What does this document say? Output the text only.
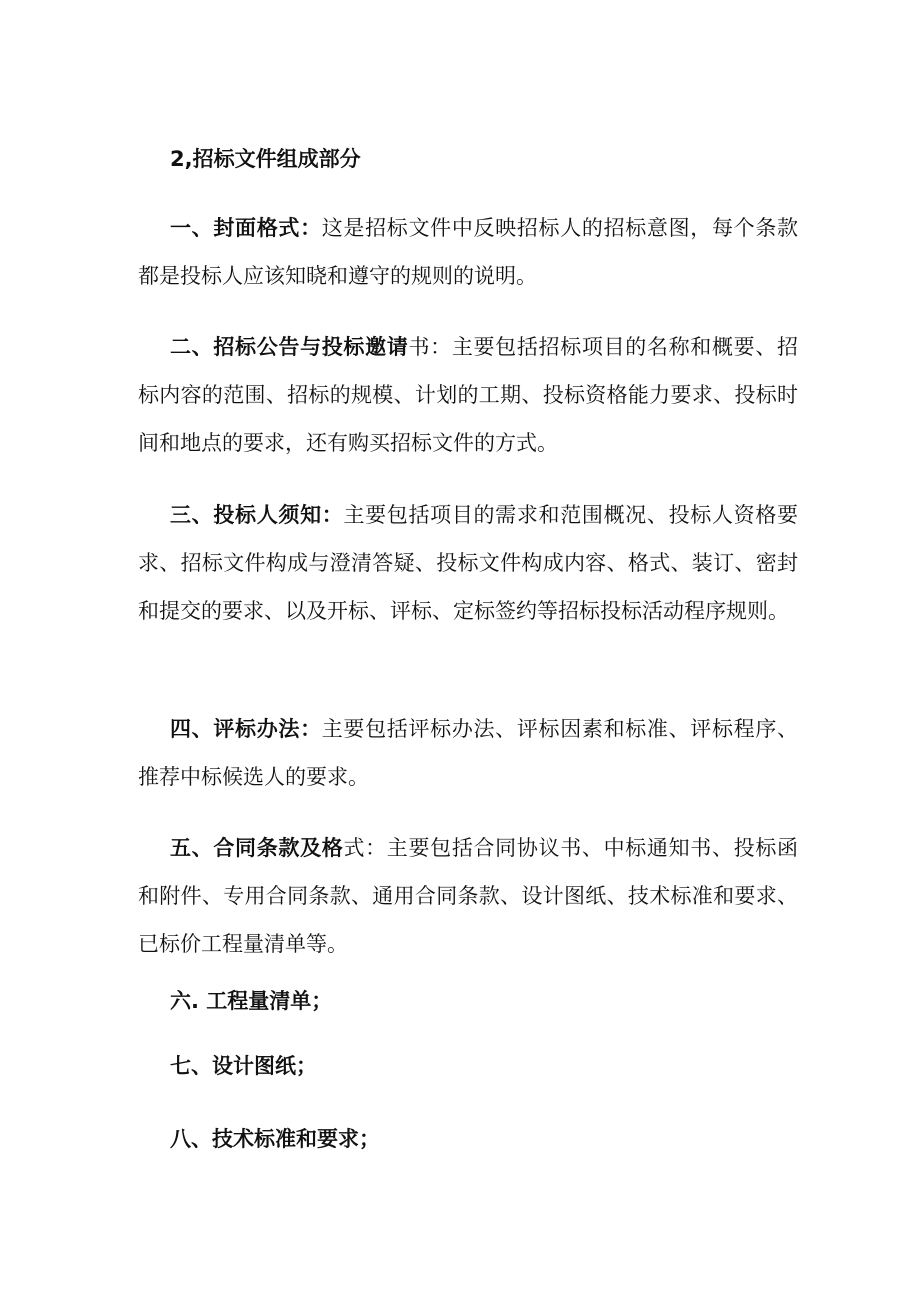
2,招标文件组成部分

一、封面格式：这是招标文件中反映招标人的招标意图，每个条款都是投标人应该知晓和遵守的规则的说明。

二、招标公告与投标邀请书：主要包括招标项目的名称和概要、招标内容的范围、招标的规模、计划的工期、投标资格能力要求、投标时间和地点的要求，还有购买招标文件的方式。

三、投标人须知：主要包括项目的需求和范围概况、投标人资格要求、招标文件构成与澄清答疑、投标文件构成内容、格式、装订、密封和提交的要求、以及开标、评标、定标签约等招标投标活动程序规则。

四、评标办法：主要包括评标办法、评标因素和标准、评标程序、推荐中标候选人的要求。

五、合同条款及格式：主要包括合同协议书、中标通知书、投标函和附件、专用合同条款、通用合同条款、设计图纸、技术标准和要求、已标价工程量清单等。

六. 工程量清单；
七、设计图纸；
八、技术标准和要求；
